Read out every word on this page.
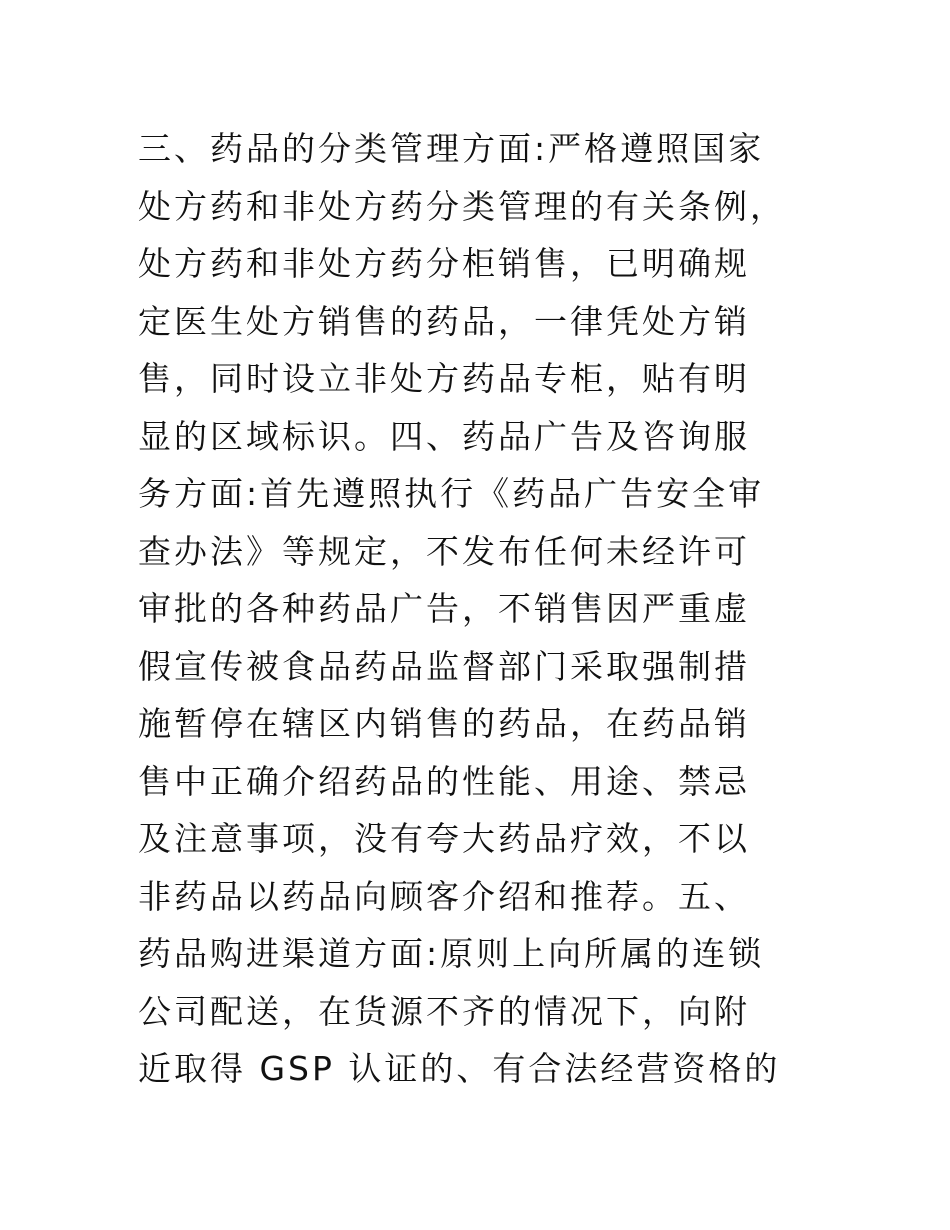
三、药品的分类管理方面:严格遵照国家
处方药和非处方药分类管理的有关条例，
处方药和非处方药分柜销售，已明确规
定医生处方销售的药品，一律凭处方销
售，同时设立非处方药品专柜，贴有明
显的区域标识。四、药品广告及咨询服
务方面:首先遵照执行《药品广告安全审
查办法》等规定，不发布任何未经许可
审批的各种药品广告，不销售因严重虚
假宣传被食品药品监督部门采取强制措
施暂停在辖区内销售的药品，在药品销
售中正确介绍药品的性能、用途、禁忌
及注意事项，没有夸大药品疗效，不以
非药品以药品向顾客介绍和推荐。五、
药品购进渠道方面:原则上向所属的连锁
公司配送，在货源不齐的情况下，向附
近取得 GSP 认证的、有合法经营资格的
